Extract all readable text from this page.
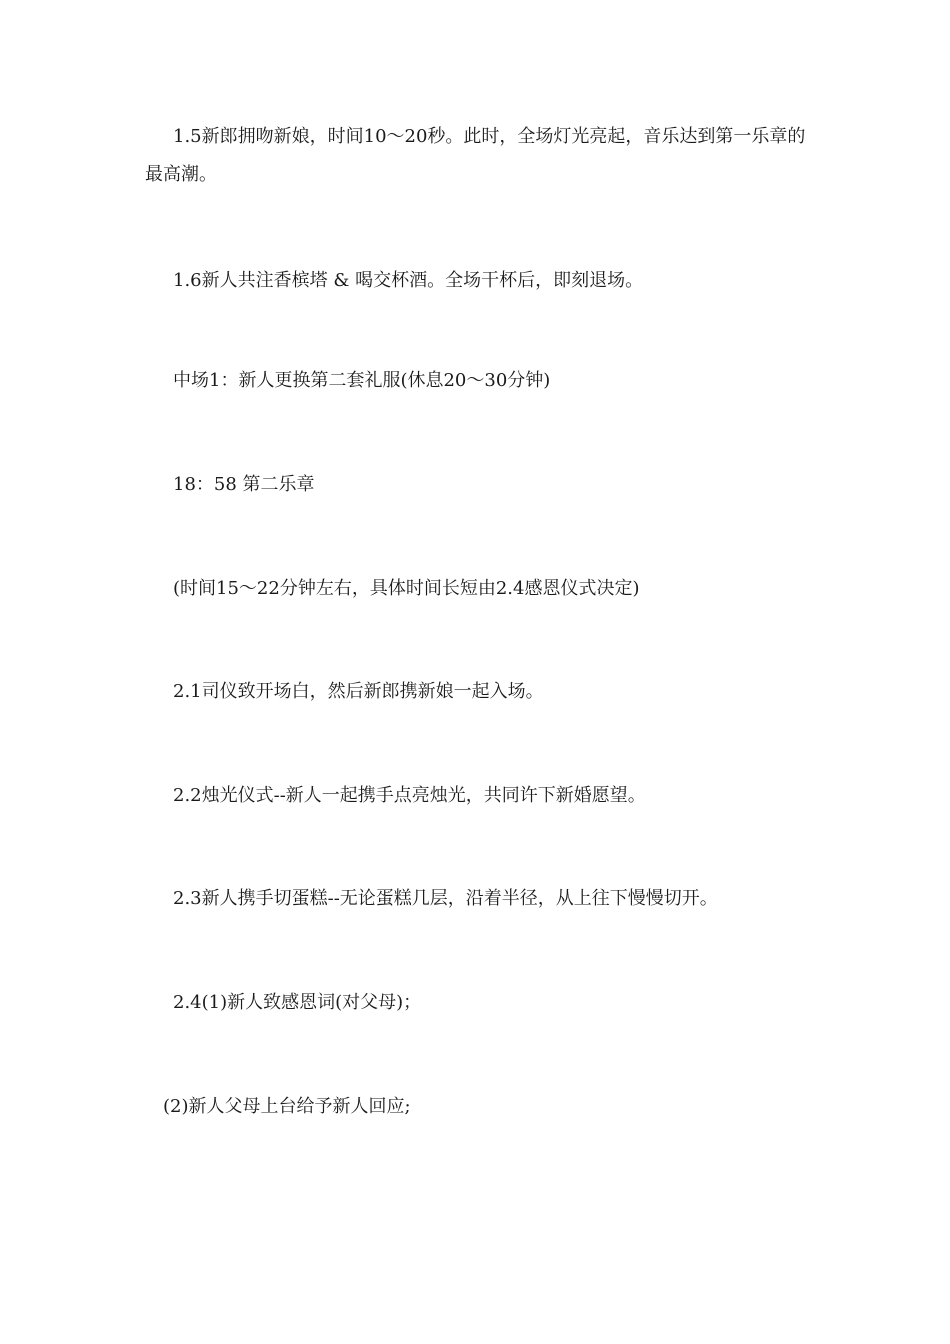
1.5新郎拥吻新娘，时间10～20秒。此时，全场灯光亮起，音乐达到第一乐章的最高潮。

1.6新人共注香槟塔 & 喝交杯酒。全场干杯后，即刻退场。

中场1：新人更换第二套礼服(休息20～30分钟)

18：58 第二乐章

(时间15～22分钟左右，具体时间长短由2.4感恩仪式决定)

2.1司仪致开场白，然后新郎携新娘一起入场。

2.2烛光仪式--新人一起携手点亮烛光，共同许下新婚愿望。

2.3新人携手切蛋糕--无论蛋糕几层，沿着半径，从上往下慢慢切开。

2.4(1)新人致感恩词(对父母)；

(2)新人父母上台给予新人回应;
